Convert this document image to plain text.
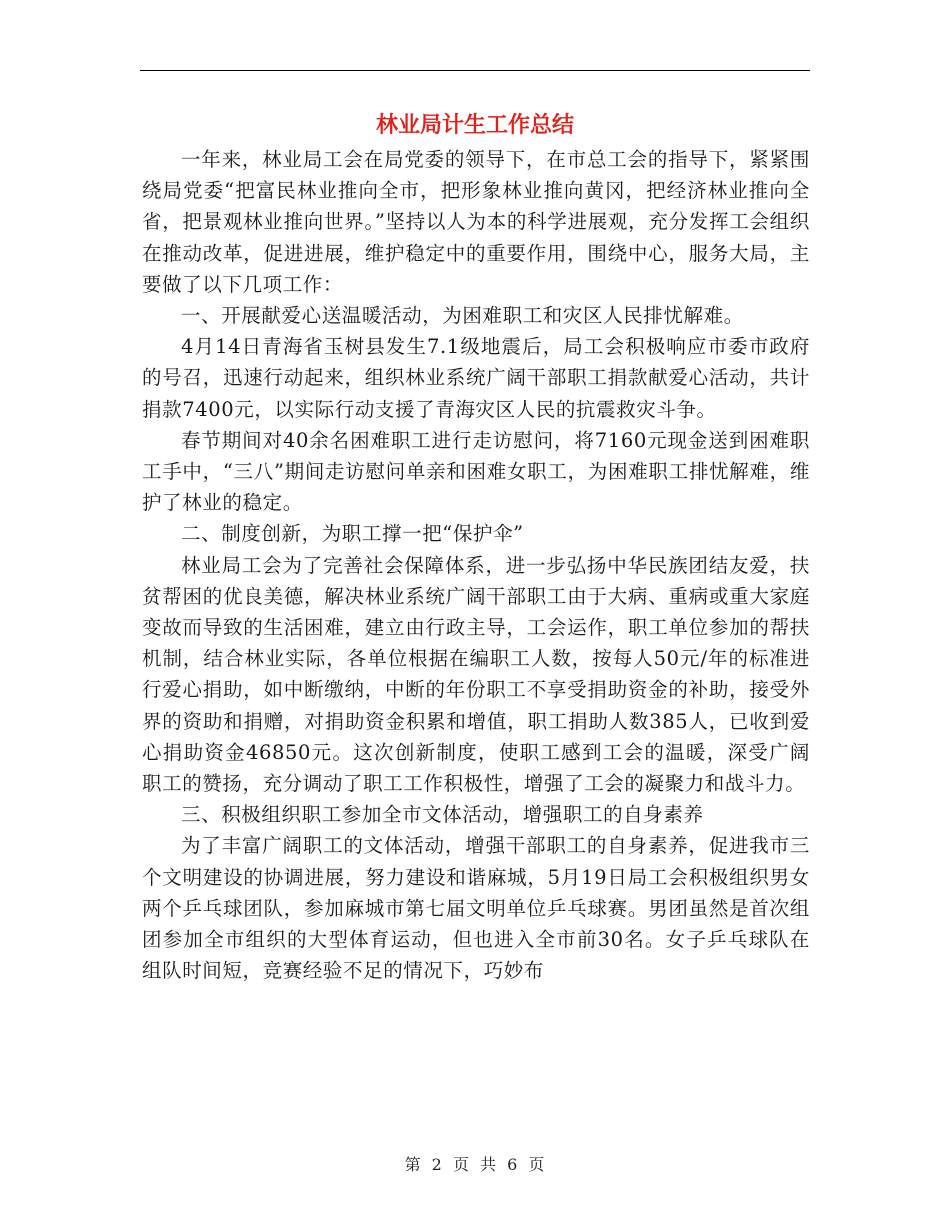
林业局计生工作总结

一年来，林业局工会在局党委的领导下，在市总工会的指导下，紧紧围绕局党委“把富民林业推向全市，把形象林业推向黄冈，把经济林业推向全省，把景观林业推向世界。”坚持以人为本的科学进展观，充分发挥工会组织在推动改革，促进进展，维护稳定中的重要作用，围绕中心，服务大局，主要做了以下几项工作：

一、开展献爱心送温暖活动，为困难职工和灾区人民排忧解难。

4月14日青海省玉树县发生7.1级地震后，局工会积极响应市委市政府的号召，迅速行动起来，组织林业系统广阔干部职工捐款献爱心活动，共计捐款7400元，以实际行动支援了青海灾区人民的抗震救灾斗争。

春节期间对40余名困难职工进行走访慰问，将7160元现金送到困难职工手中，“三八”期间走访慰问单亲和困难女职工，为困难职工排忧解难，维护了林业的稳定。

二、制度创新，为职工撑一把“保护伞”

林业局工会为了完善社会保障体系，进一步弘扬中华民族团结友爱，扶贫帮困的优良美德，解决林业系统广阔干部职工由于大病、重病或重大家庭变故而导致的生活困难，建立由行政主导，工会运作，职工单位参加的帮扶机制，结合林业实际，各单位根据在编职工人数，按每人50元/年的标准进行爱心捐助，如中断缴纳，中断的年份职工不享受捐助资金的补助，接受外界的资助和捐赠，对捐助资金积累和增值，职工捐助人数385人，已收到爱心捐助资金46850元。这次创新制度，使职工感到工会的温暖，深受广阔职工的赞扬，充分调动了职工工作积极性，增强了工会的凝聚力和战斗力。

三、积极组织职工参加全市文体活动，增强职工的自身素养

为了丰富广阔职工的文体活动，增强干部职工的自身素养，促进我市三个文明建设的协调进展，努力建设和谐麻城，5月19日局工会积极组织男女两个乒乓球团队，参加麻城市第七届文明单位乒乓球赛。男团虽然是首次组团参加全市组织的大型体育运动，但也进入全市前30名。女子乒乓球队在组队时间短，竞赛经验不足的情况下，巧妙布

第 2 页 共 6 页
